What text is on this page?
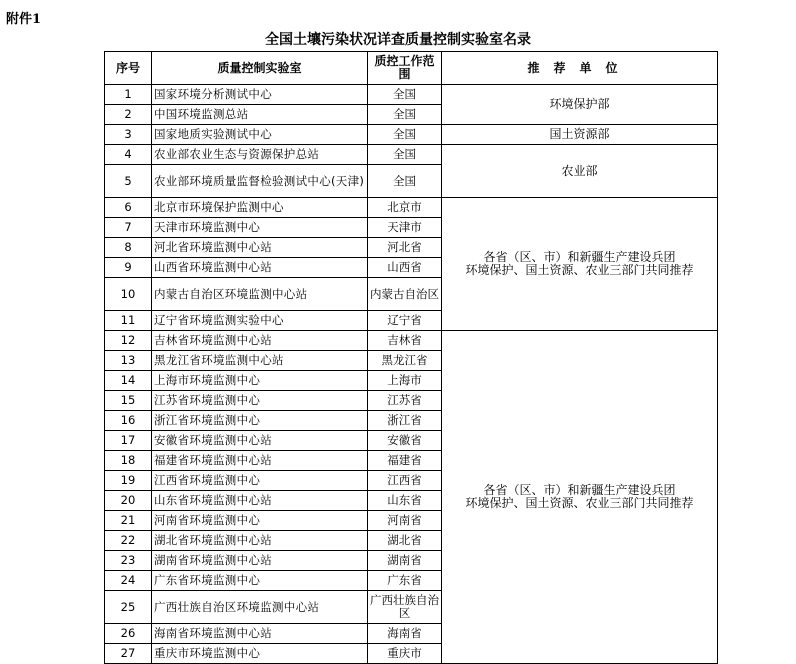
附件1
全国土壤污染状况详查质量控制实验室名录
序号	质量控制实验室	质控工作范围	推荐单位
1	国家环境分析测试中心	全国	环境保护部
2	中国环境监测总站	全国	
3	国家地质实验测试中心	全国	国土资源部
4	农业部农业生态与资源保护总站	全国	农业部
5	农业部环境质量监督检验测试中心(天津)	全国	
6	北京市环境保护监测中心	北京市	各省（区、市）和新疆生产建设兵团
环境保护、国土资源、农业三部门共同推荐

7	天津市环境监测中心	天津市	
8	河北省环境监测中心站	河北省	
9	山西省环境监测中心站	山西省	
10	内蒙古自治区环境监测中心站	内蒙古自治区	
11	辽宁省环境监测实验中心	辽宁省	
12	吉林省环境监测中心站	吉林省	各省（区、市）和新疆生产建设兵团
环境保护、国土资源、农业三部门共同推荐

13	黑龙江省环境监测中心站	黑龙江省	
14	上海市环境监测中心	上海市	
15	江苏省环境监测中心	江苏省	
16	浙江省环境监测中心	浙江省	
17	安徽省环境监测中心站	安徽省	
18	福建省环境监测中心站	福建省	
19	江西省环境监测中心	江西省	
20	山东省环境监测中心站	山东省	
21	河南省环境监测中心	河南省	
22	湖北省环境监测中心站	湖北省	
23	湖南省环境监测中心站	湖南省	
24	广东省环境监测中心	广东省	
25	广西壮族自治区环境监测中心站	广西壮族自治区	
26	海南省环境监测中心站	海南省	
27	重庆市环境监测中心	重庆市	
